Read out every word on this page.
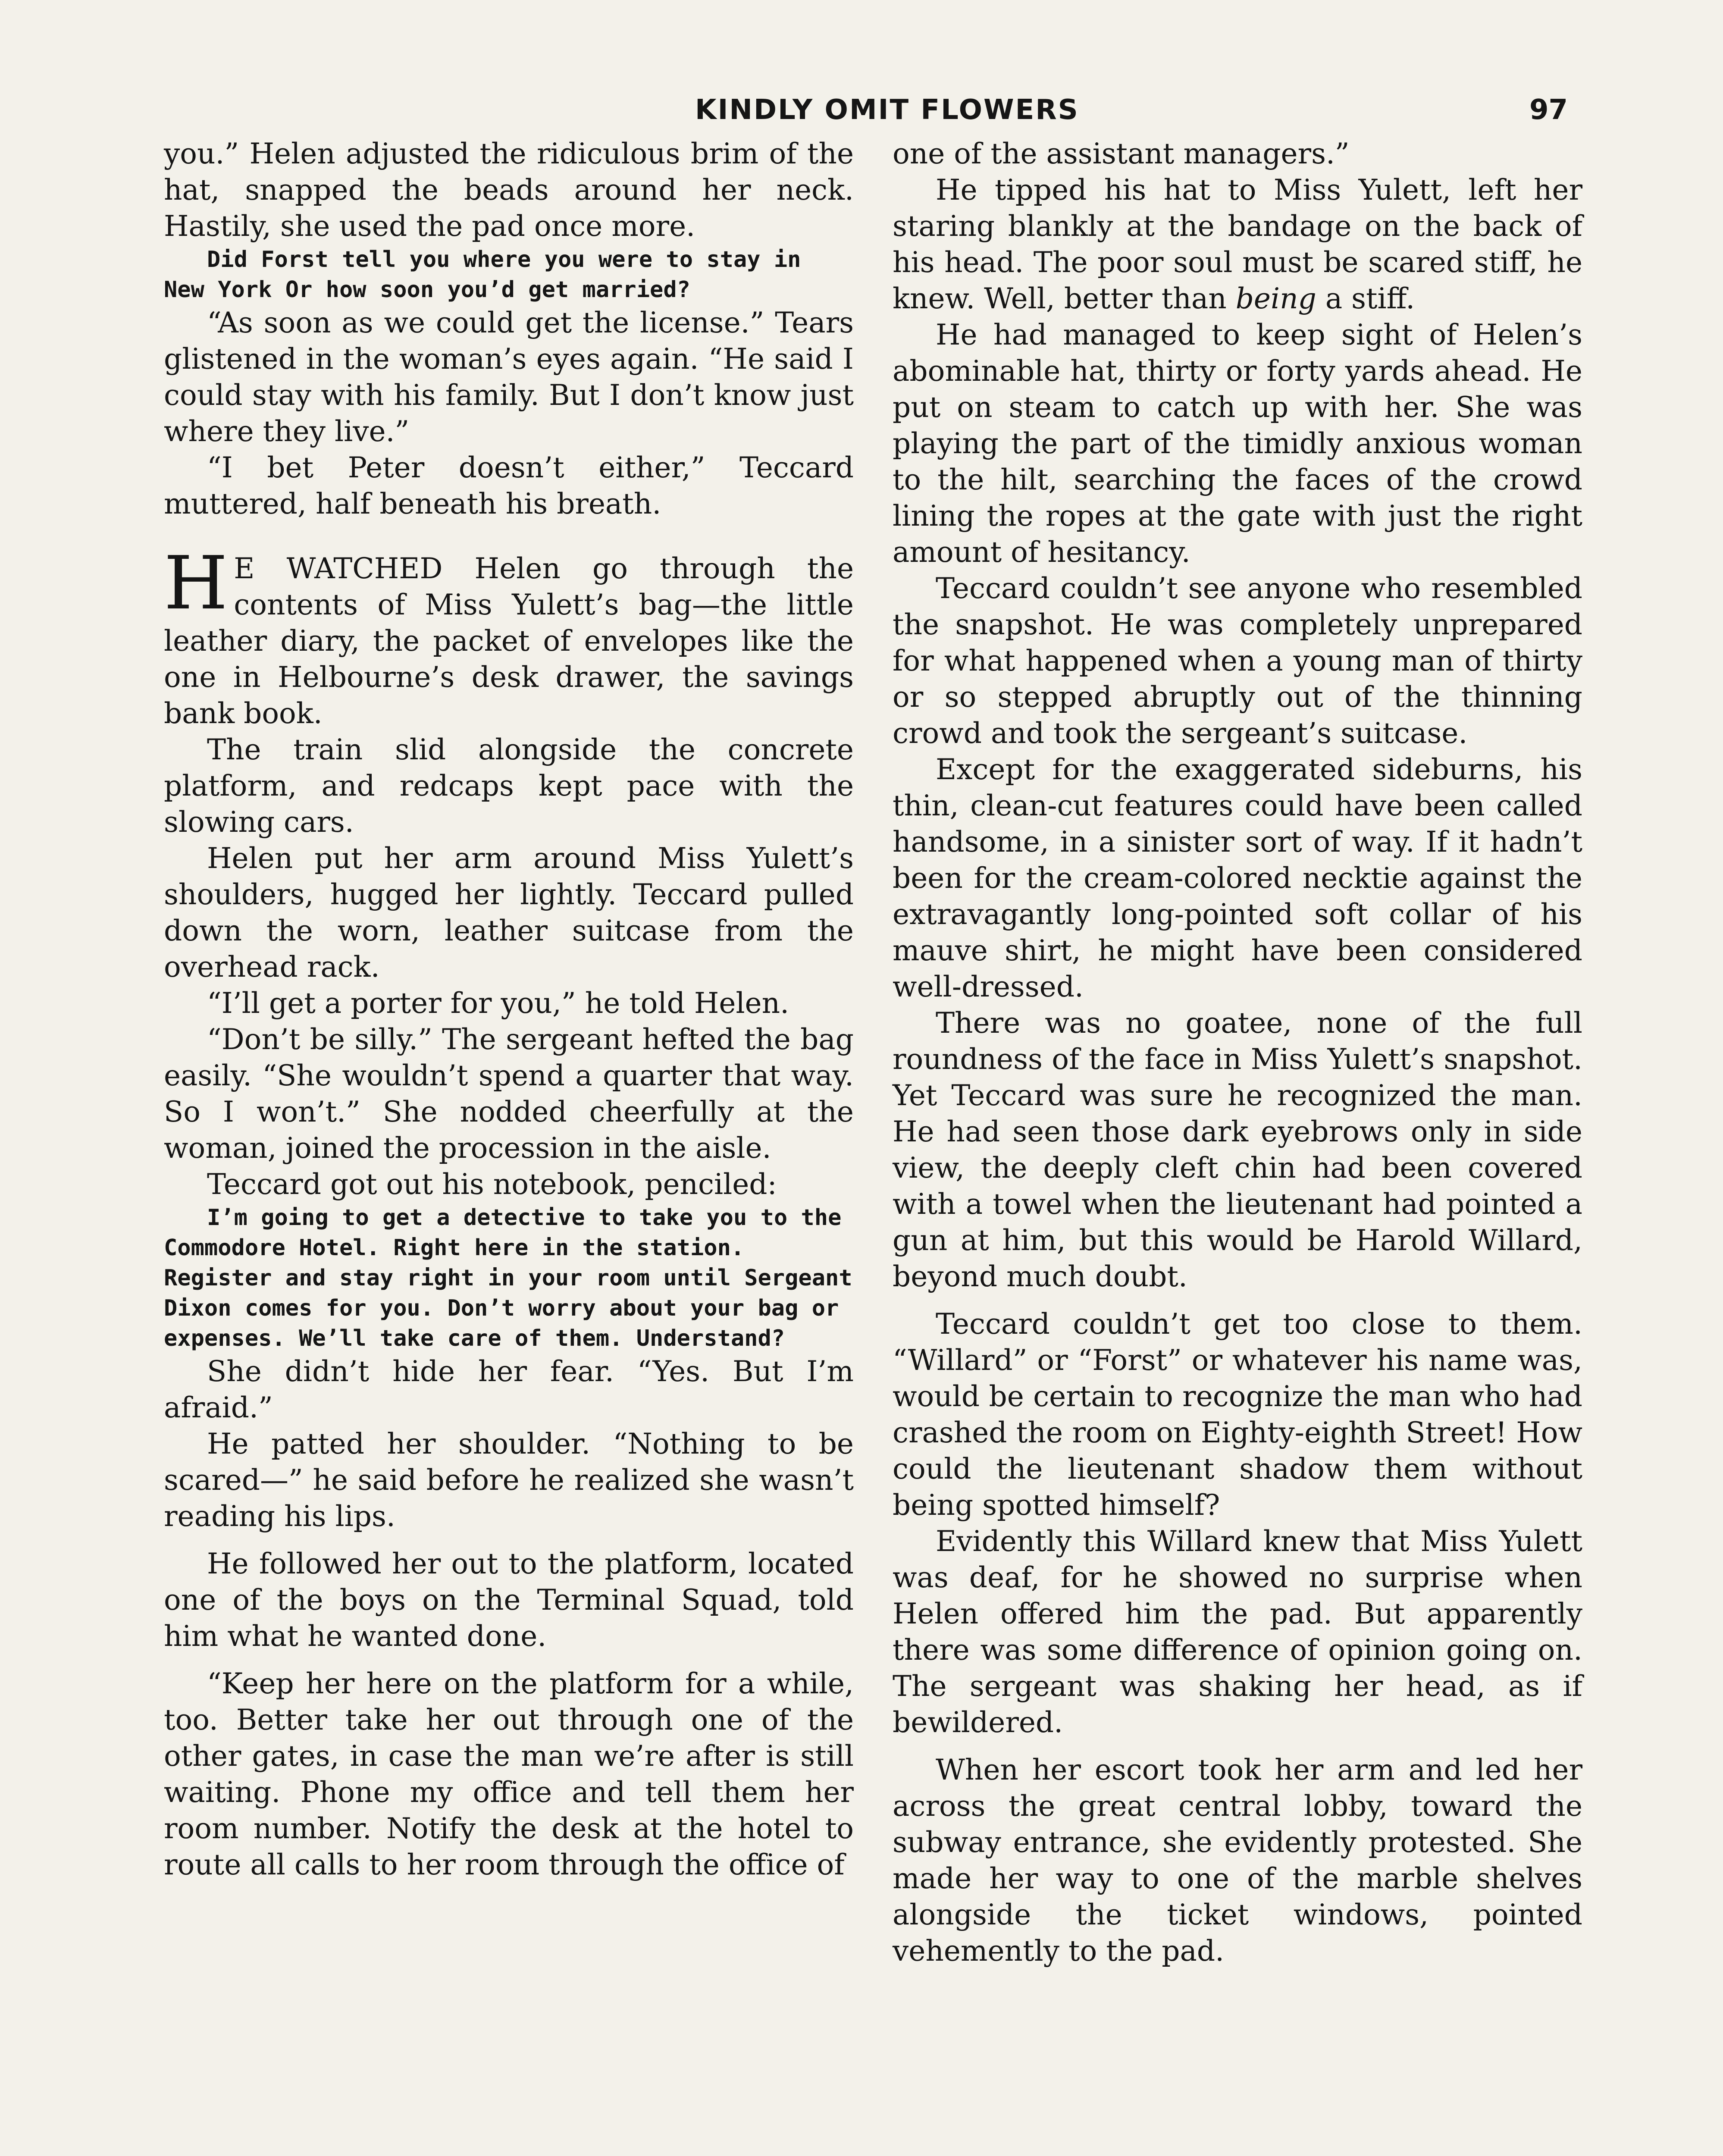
KINDLY OMIT FLOWERS	97

you.” Helen adjusted the ridiculous brim of the hat, snapped the beads around her neck. Hastily, she used the pad once more.

Did Forst tell you where you were to stay in New York Or how soon you’d get married?

“As soon as we could get the license.” Tears glistened in the woman’s eyes again. “He said I could stay with his family. But I don’t know just where they live.”

“I bet Peter doesn’t either,” Teccard muttered, half beneath his breath.

H E WATCHED Helen go through the contents of Miss Yulett’s bag—the little leather diary, the packet of envelopes like the one in Helbourne’s desk drawer, the savings bank book.

The train slid alongside the concrete platform, and redcaps kept pace with the slowing cars.

Helen put her arm around Miss Yulett’s shoulders, hugged her lightly. Teccard pulled down the worn, leather suitcase from the overhead rack.

“I’ll get a porter for you,” he told Helen.

“Don’t be silly.” The sergeant hefted the bag easily. “She wouldn’t spend a quarter that way. So I won’t.” She nodded cheerfully at the woman, joined the procession in the aisle.

Teccard got out his notebook, penciled:

I’m going to get a detective to take you to the Commodore Hotel. Right here in the station. Register and stay right in your room until Sergeant Dixon comes for you. Don’t worry about your bag or expenses. We’ll take care of them. Understand?

She didn’t hide her fear. “Yes. But I’m afraid.”

He patted her shoulder. “Nothing to be scared—” he said before he realized she wasn’t reading his lips.

He followed her out to the platform, located one of the boys on the Terminal Squad, told him what he wanted done.

“Keep her here on the platform for a while, too. Better take her out through one of the other gates, in case the man we’re after is still waiting. Phone my office and tell them her room number. Notify the desk at the hotel to route all calls to her room through the office of

one of the assistant managers.”

He tipped his hat to Miss Yulett, left her staring blankly at the bandage on the back of his head. The poor soul must be scared stiff, he knew. Well, better than being a stiff.

He had managed to keep sight of Helen’s abominable hat, thirty or forty yards ahead. He put on steam to catch up with her. She was playing the part of the timidly anxious woman to the hilt, searching the faces of the crowd lining the ropes at the gate with just the right amount of hesitancy.

Teccard couldn’t see anyone who resembled the snapshot. He was completely unprepared for what happened when a young man of thirty or so stepped abruptly out of the thinning crowd and took the sergeant’s suitcase.

Except for the exaggerated sideburns, his thin, clean-cut features could have been called handsome, in a sinister sort of way. If it hadn’t been for the cream-colored necktie against the extravagantly long-pointed soft collar of his mauve shirt, he might have been considered well-dressed.

There was no goatee, none of the full roundness of the face in Miss Yulett’s snapshot. Yet Teccard was sure he recognized the man. He had seen those dark eyebrows only in side view, the deeply cleft chin had been covered with a towel when the lieutenant had pointed a gun at him, but this would be Harold Willard, beyond much doubt.

Teccard couldn’t get too close to them. “Willard” or “Forst” or whatever his name was, would be certain to recognize the man who had crashed the room on Eighty-eighth Street! How could the lieutenant shadow them without being spotted himself?

Evidently this Willard knew that Miss Yulett was deaf, for he showed no surprise when Helen offered him the pad. But apparently there was some difference of opinion going on. The sergeant was shaking her head, as if bewildered.

When her escort took her arm and led her across the great central lobby, toward the subway entrance, she evidently protested. She made her way to one of the marble shelves alongside the ticket windows, pointed vehemently to the pad.
